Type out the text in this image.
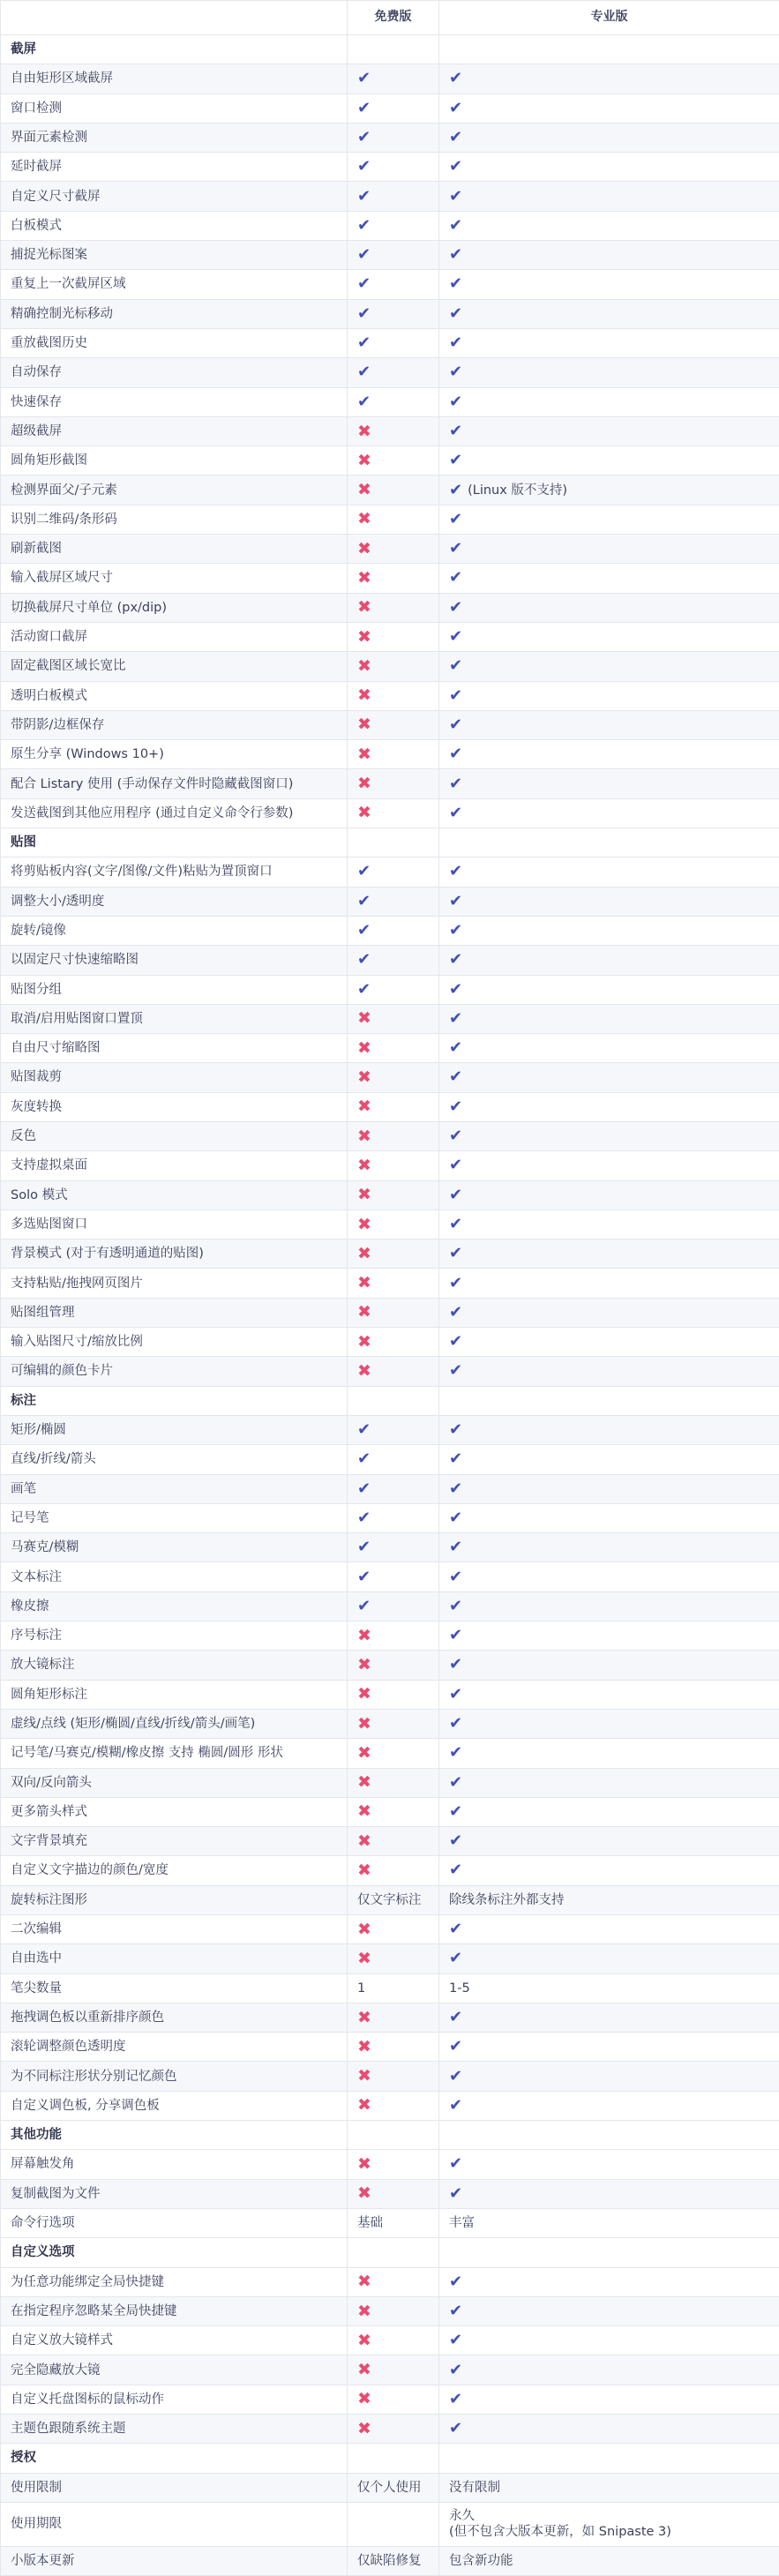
	免费版	专业版
截屏		
自由矩形区域截屏	✔	✔
窗口检测	✔	✔
界面元素检测	✔	✔
延时截屏	✔	✔
自定义尺寸截屏	✔	✔
白板模式	✔	✔
捕捉光标图案	✔	✔
重复上一次截屏区域	✔	✔
精确控制光标移动	✔	✔
重放截图历史	✔	✔
自动保存	✔	✔
快速保存	✔	✔
超级截屏	✖	✔
圆角矩形截图	✖	✔
检测界面父/子元素	✖	✔ (Linux 版不支持)
识别二维码/条形码	✖	✔
刷新截图	✖	✔
输入截屏区域尺寸	✖	✔
切换截屏尺寸单位 (px/dip)	✖	✔
活动窗口截屏	✖	✔
固定截图区域长宽比	✖	✔
透明白板模式	✖	✔
带阴影/边框保存	✖	✔
原生分享 (Windows 10+)	✖	✔
配合 Listary 使用 (手动保存文件时隐藏截图窗口)	✖	✔
发送截图到其他应用程序 (通过自定义命令行参数)	✖	✔
贴图		
将剪贴板内容(文字/图像/文件)粘贴为置顶窗口	✔	✔
调整大小/透明度	✔	✔
旋转/镜像	✔	✔
以固定尺寸快速缩略图	✔	✔
贴图分组	✔	✔
取消/启用贴图窗口置顶	✖	✔
自由尺寸缩略图	✖	✔
贴图裁剪	✖	✔
灰度转换	✖	✔
反色	✖	✔
支持虚拟桌面	✖	✔
Solo 模式	✖	✔
多选贴图窗口	✖	✔
背景模式 (对于有透明通道的贴图)	✖	✔
支持粘贴/拖拽网页图片	✖	✔
贴图组管理	✖	✔
输入贴图尺寸/缩放比例	✖	✔
可编辑的颜色卡片	✖	✔
标注		
矩形/椭圆	✔	✔
直线/折线/箭头	✔	✔
画笔	✔	✔
记号笔	✔	✔
马赛克/模糊	✔	✔
文本标注	✔	✔
橡皮擦	✔	✔
序号标注	✖	✔
放大镜标注	✖	✔
圆角矩形标注	✖	✔
虚线/点线 (矩形/椭圆/直线/折线/箭头/画笔)	✖	✔
记号笔/马赛克/模糊/橡皮擦 支持 椭圆/圆形 形状	✖	✔
双向/反向箭头	✖	✔
更多箭头样式	✖	✔
文字背景填充	✖	✔
自定义文字描边的颜色/宽度	✖	✔
旋转标注图形	仅文字标注	除线条标注外都支持
二次编辑	✖	✔
自由选中	✖	✔
笔尖数量	1	1-5
拖拽调色板以重新排序颜色	✖	✔
滚轮调整颜色透明度	✖	✔
为不同标注形状分别记忆颜色	✖	✔
自定义调色板, 分享调色板	✖	✔
其他功能		
屏幕触发角	✖	✔
复制截图为文件	✖	✔
命令行选项	基础	丰富
自定义选项		
为任意功能绑定全局快捷键	✖	✔
在指定程序忽略某全局快捷键	✖	✔
自定义放大镜样式	✖	✔
完全隐藏放大镜	✖	✔
自定义托盘图标的鼠标动作	✖	✔
主题色跟随系统主题	✖	✔
授权		
使用限制	仅个人使用	没有限制
使用期限		永久
(但不包含大版本更新，如 Snipaste 3)

小版本更新	仅缺陷修复	包含新功能
